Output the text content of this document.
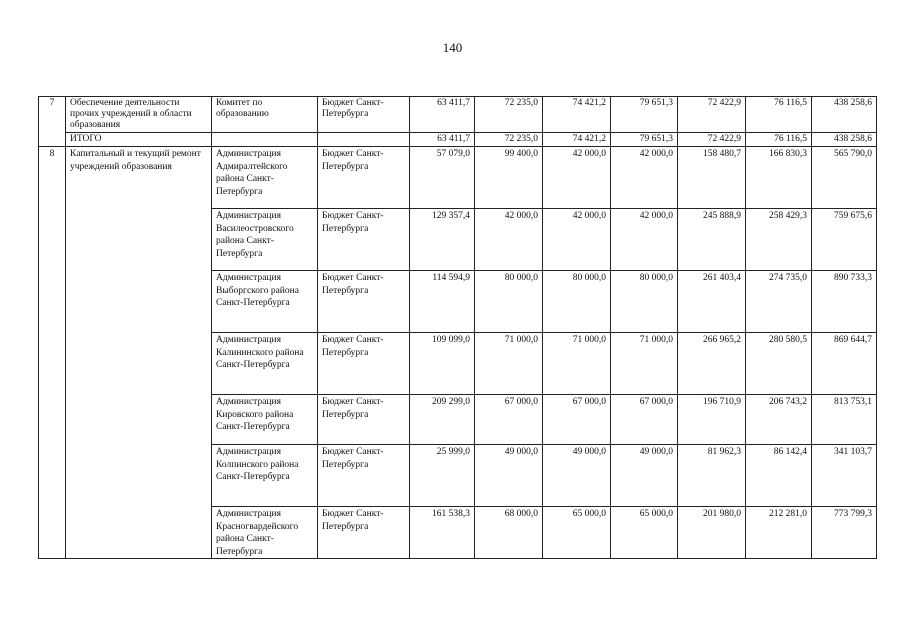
140
7	Обеспечение деятельности прочих учреждений в области образования	Комитет по образованию	Бюджет Санкт-Петербурга	63 411,7	72 235,0	74 421,2	79 651,3	72 422,9	76 116,5	438 258,6
	ИТОГО			63 411,7	72 235,0	74 421,2	79 651,3	72 422,9	76 116,5	438 258,6
8	Капитальный и текущий ремонт учреждений образования	Администрация Адмиралтейского района Санкт-Петербурга	Бюджет Санкт-Петербурга	57 079,0	99 400,0	42 000,0	42 000,0	158 480,7	166 830,3	565 790,0
		Администрация Василеостровского района Санкт-Петербурга	Бюджет Санкт-Петербурга	129 357,4	42 000,0	42 000,0	42 000,0	245 888,9	258 429,3	759 675,6
		Администрация Выборгского района Санкт-Петербурга	Бюджет Санкт-Петербурга	114 594,9	80 000,0	80 000,0	80 000,0	261 403,4	274 735,0	890 733,3
		Администрация Калининского района Санкт-Петербурга	Бюджет Санкт-Петербурга	109 099,0	71 000,0	71 000,0	71 000,0	266 965,2	280 580,5	869 644,7
		Администрация Кировского района Санкт-Петербурга	Бюджет Санкт-Петербурга	209 299,0	67 000,0	67 000,0	67 000,0	196 710,9	206 743,2	813 753,1
		Администрация Колпинского района Санкт-Петербурга	Бюджет Санкт-Петербурга	25 999,0	49 000,0	49 000,0	49 000,0	81 962,3	86 142,4	341 103,7
		Администрация Красногвардейского района Санкт-Петербурга	Бюджет Санкт-Петербурга	161 538,3	68 000,0	65 000,0	65 000,0	201 980,0	212 281,0	773 799,3
